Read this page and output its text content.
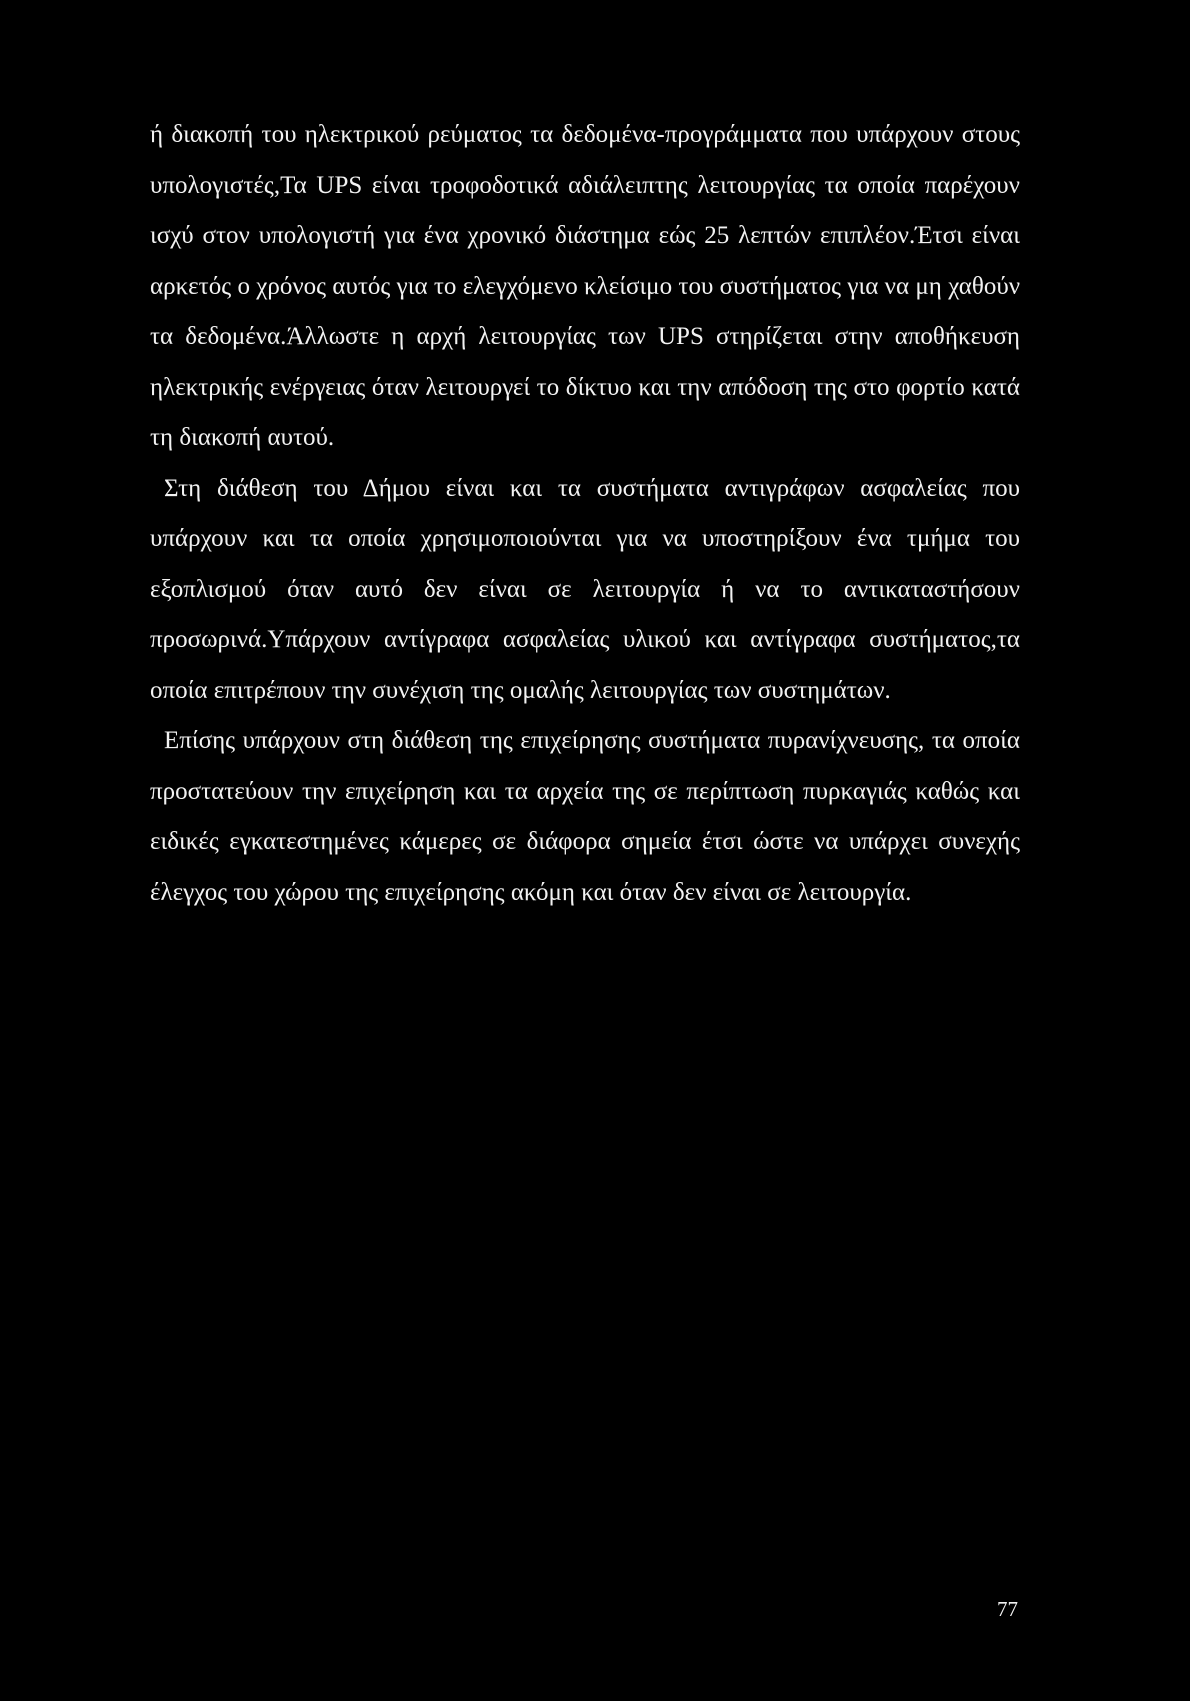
ή διακοπή του ηλεκτρικού ρεύματος τα δεδομένα-προγράμματα που υπάρχουν στους υπολογιστές,Τα UPS είναι τροφοδοτικά αδιάλειπτης λειτουργίας τα οποία παρέχουν ισχύ στον υπολογιστή για ένα χρονικό διάστημα εώς 25 λεπτών επιπλέον.Έτσι είναι αρκετός ο χρόνος αυτός για το ελεγχόμενο κλείσιμο του συστήματος για να μη χαθούν τα δεδομένα.Άλλωστε η αρχή λειτουργίας των UPS στηρίζεται στην αποθήκευση ηλεκτρικής ενέργειας όταν λειτουργεί το δίκτυο και την απόδοση της στο φορτίο κατά τη διακοπή αυτού.

Στη διάθεση του Δήμου είναι και τα συστήματα αντιγράφων ασφαλείας που υπάρχουν και τα οποία χρησιμοποιούνται για να υποστηρίξουν ένα τμήμα του εξοπλισμού όταν αυτό δεν είναι σε λειτουργία ή να το αντικαταστήσουν προσωρινά.Υπάρχουν αντίγραφα ασφαλείας υλικού και αντίγραφα συστήματος,τα οποία επιτρέπουν την συνέχιση της ομαλής λειτουργίας των συστημάτων.

Επίσης υπάρχουν στη διάθεση της επιχείρησης συστήματα πυρανίχνευσης, τα οποία προστατεύουν την επιχείρηση και τα αρχεία της σε περίπτωση πυρκαγιάς καθώς και ειδικές εγκατεστημένες κάμερες σε διάφορα σημεία έτσι ώστε να υπάρχει συνεχής έλεγχος του χώρου της επιχείρησης ακόμη και όταν δεν είναι σε λειτουργία.

77
